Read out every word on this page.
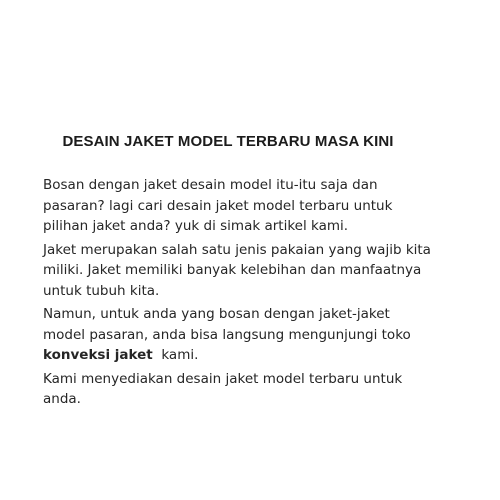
DESAIN JAKET MODEL TERBARU MASA KINI

Bosan dengan jaket desain model itu-itu saja dan
pasaran? lagi cari desain jaket model terbaru untuk
pilihan jaket anda? yuk di simak artikel kami.

Jaket merupakan salah satu jenis pakaian yang wajib kita
miliki. Jaket memiliki banyak kelebihan dan manfaatnya
untuk tubuh kita.

Namun, untuk anda yang bosan dengan jaket-jaket
model pasaran, anda bisa langsung mengunjungi toko
konveksi jaket  kami.

Kami menyediakan desain jaket model terbaru untuk
anda.
